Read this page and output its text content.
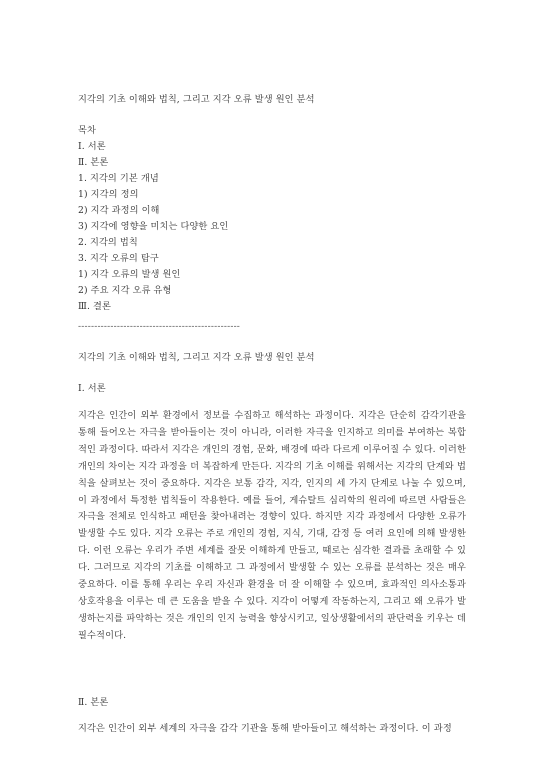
지각의 기초 이해와 법칙, 그리고 지각 오류 발생 원인 분석
목차
Ⅰ. 서론
Ⅱ. 본론
1. 지각의 기본 개념
1) 지각의 정의
2) 지각 과정의 이해
3) 지각에 영향을 미치는 다양한 요인
2. 지각의 법칙
3. 지각 오류의 탐구
1) 지각 오류의 발생 원인
2) 주요 지각 오류 유형
Ⅲ. 결론
--------------------------------------------------
지각의 기초 이해와 법칙, 그리고 지각 오류 발생 원인 분석
Ⅰ. 서론
지각은 인간이 외부 환경에서 정보를 수집하고 해석하는 과정이다. 지각은 단순히 감각기관을 통해 들어오는 자극을 받아들이는 것이 아니라, 이러한 자극을 인지하고 의미를 부여하는 복합적인 과정이다. 따라서 지각은 개인의 경험, 문화, 배경에 따라 다르게 이루어질 수 있다. 이러한 개인의 차이는 지각 과정을 더 복잡하게 만든다. 지각의 기초 이해를 위해서는 지각의 단계와 법칙을 살펴보는 것이 중요하다. 지각은 보통 감각, 지각, 인지의 세 가지 단계로 나눌 수 있으며, 이 과정에서 특정한 법칙들이 작용한다. 예를 들어, 게슈탈트 심리학의 원리에 따르면 사람들은 자극을 전체로 인식하고 패턴을 찾아내려는 경향이 있다. 하지만 지각 과정에서 다양한 오류가 발생할 수도 있다. 지각 오류는 주로 개인의 경험, 지식, 기대, 감정 등 여러 요인에 의해 발생한다. 이런 오류는 우리가 주변 세계를 잘못 이해하게 만들고, 때로는 심각한 결과를 초래할 수 있다. 그러므로 지각의 기초를 이해하고 그 과정에서 발생할 수 있는 오류를 분석하는 것은 매우 중요하다. 이를 통해 우리는 우리 자신과 환경을 더 잘 이해할 수 있으며, 효과적인 의사소통과 상호작용을 이루는 데 큰 도움을 받을 수 있다. 지각이 어떻게 작동하는지, 그리고 왜 오류가 발생하는지를 파악하는 것은 개인의 인지 능력을 향상시키고, 일상생활에서의 판단력을 키우는 데 필수적이다.
Ⅱ. 본론
지각은 인간이 외부 세계의 자극을 감각 기관을 통해 받아들이고 해석하는 과정이다. 이 과정
